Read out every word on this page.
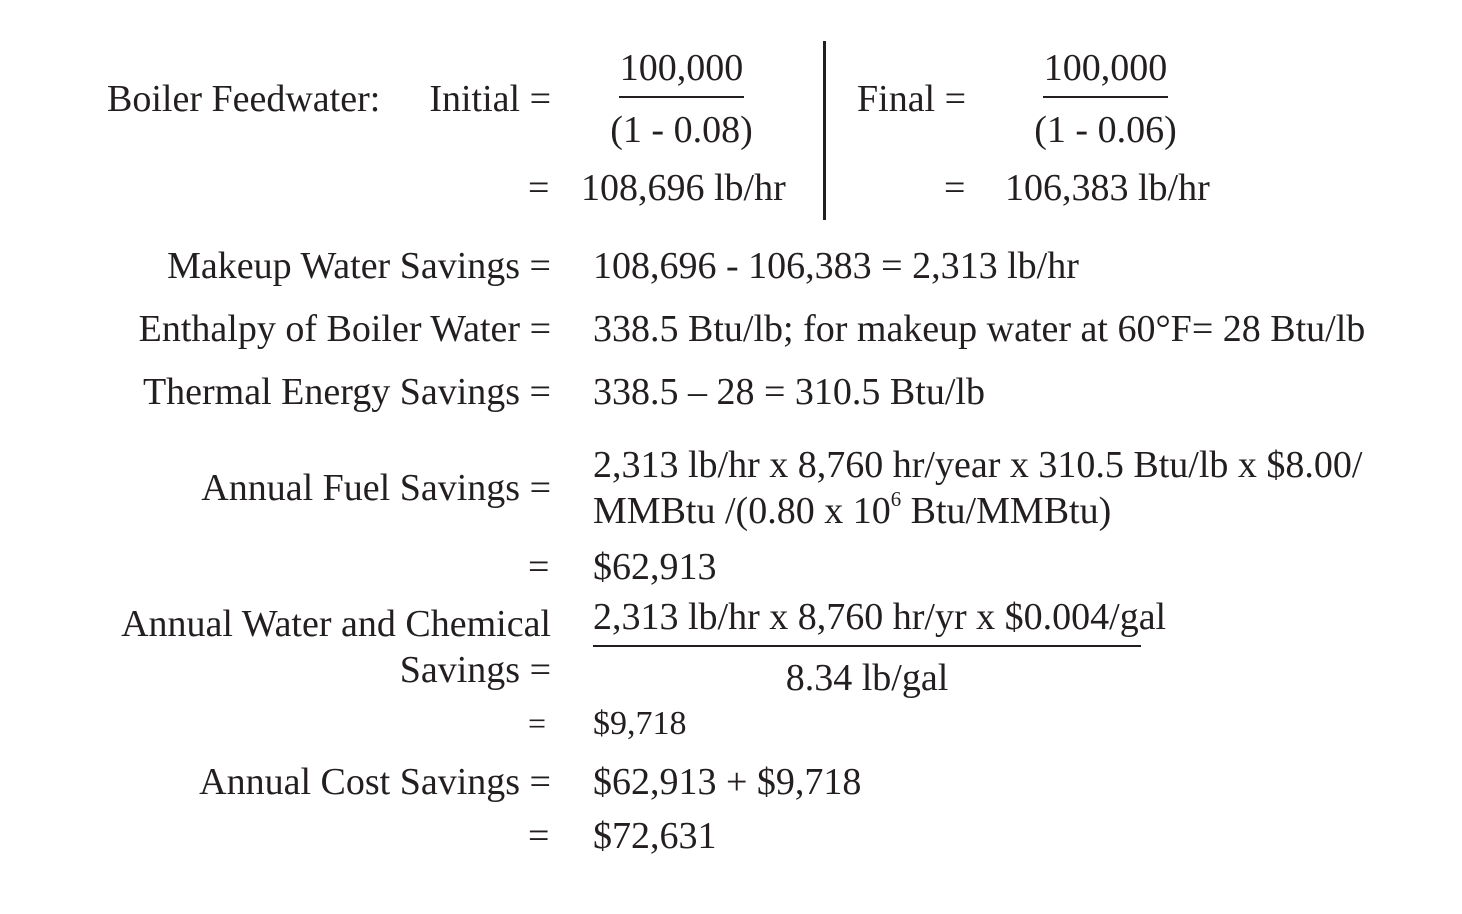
Boiler Feedwater: Initial =
100,000
(1 - 0.08)
= 108,696 lb/hr
Final =
100,000
(1 - 0.06)
= 106,383 lb/hr
Makeup Water Savings = 108,696 - 106,383 = 2,313 lb/hr
Enthalpy of Boiler Water = 338.5 Btu/lb; for makeup water at 60°F= 28 Btu/lb
Thermal Energy Savings = 338.5 – 28 = 310.5 Btu/lb
Annual Fuel Savings =
2,313 lb/hr x 8,760 hr/year x 310.5 Btu/lb x $8.00/
MMBtu /(0.80 x $10^6$ Btu/MMBtu)
= $62,913
Annual Water and Chemical
Savings =
2,313 lb/hr x 8,760 hr/yr x $0.004/gal
8.34 lb/gal
= $9,718
Annual Cost Savings = $62,913 + $9,718
= $72,631
